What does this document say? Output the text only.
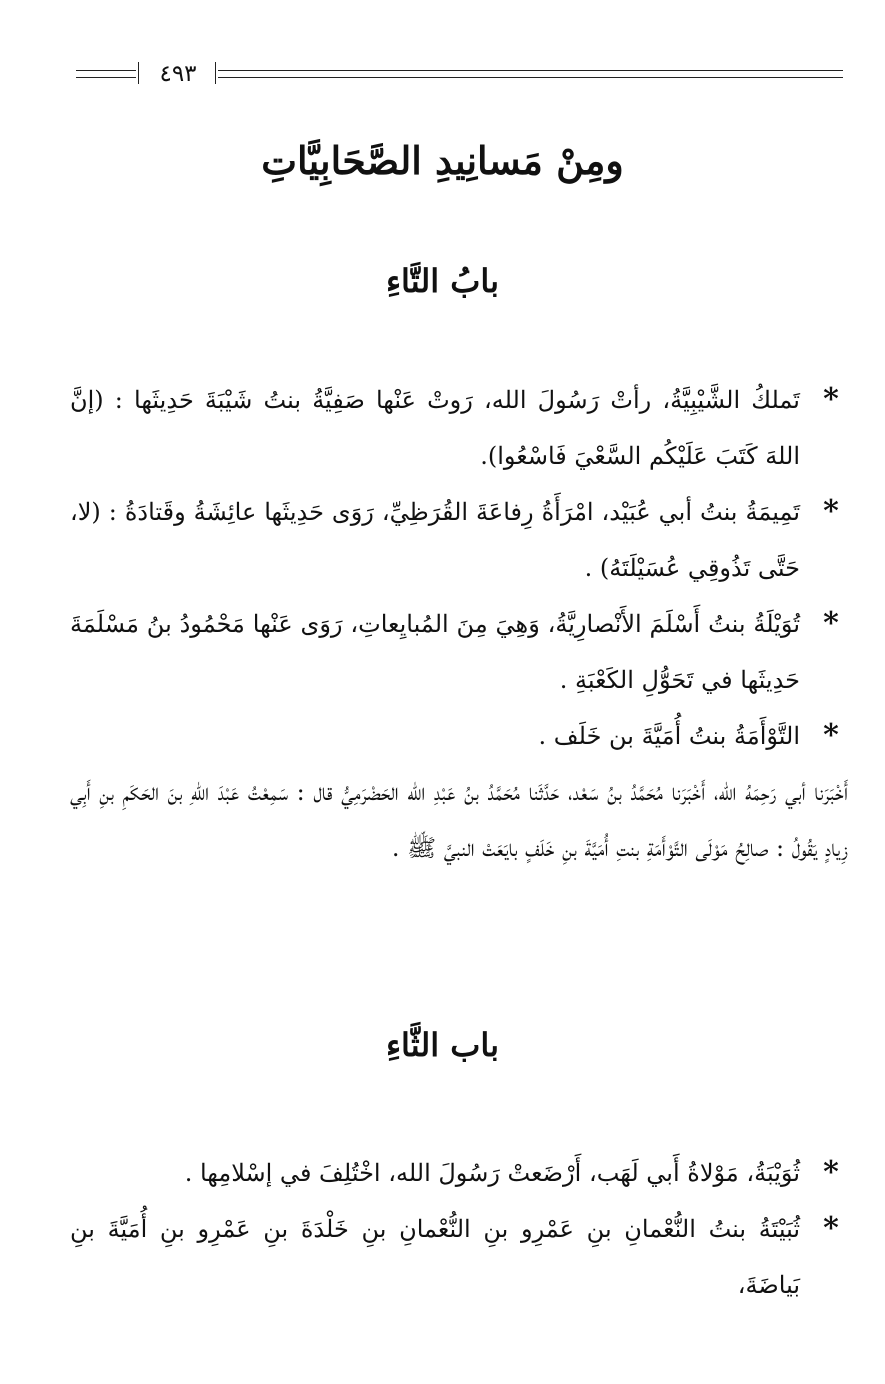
٤٩٣
ومِنْ مَسانِيدِ الصَّحَابِيَّاتِ
بابُ التَّاءِ
*
تَملكُ الشَّيْبِيَّةُ، رأتْ رَسُولَ الله، رَوتْ عَنْها صَفِيَّةُ بنتُ شَيْبَةَ حَدِيثَها : (إنَّ اللهَ كَتَبَ عَلَيْكُم السَّعْيَ فَاسْعُوا).
*
تَمِيمَةُ بنتُ أبي عُبَيْد، امْرَأَةُ رِفاعَةَ القُرَظِيِّ، رَوَى حَدِيثَها عائِشَةُ وقَتادَةُ : (لا، حَتَّى تَذُوقِي عُسَيْلَتَهُ) .
*
تُوَيْلَةُ بنتُ أَسْلَمَ الأَنْصارِيَّةُ، وَهِيَ مِنَ المُبايِعاتِ، رَوَى عَنْها مَحْمُودُ بنُ مَسْلَمَةَ حَدِيثَها في تَحَوُّلِ الكَعْبَةِ .
*
التَّوْأَمَةُ بنتُ أُمَيَّةَ بن خَلَف .

أَخْبَرَنا أبي رَحِمَهُ الله، أَخْبَرَنا مُحَمَّدُ بنُ سَعْد، حَدَّثَنا مُحَمَّدُ بنُ عَبْدِ الله الحَضْرَمِيُّ قال : سَمِعْتُ عَبْدَ اللهِ بنَ الحَكَمِ بنِ أَبِي زِيادٍ يَقُولُ : صالِحُ مَوْلَى التَّوْأَمَةِ بنتِ أُمَيَّةَ بنِ خَلَفٍ بايَعَتْ النبيَّ ﷺ .

باب الثَّاءِ
*
ثُوَيْبَةُ، مَوْلاةُ أَبي لَهَب، أَرْضَعتْ رَسُولَ الله، اخْتُلِفَ في إسْلامِها .
*
ثُبَيْتَةُ بنتُ النُّعْمانِ بنِ عَمْرِو بنِ النُّعْمانِ بنِ خَلْدَةَ بنِ عَمْرِو بنِ أُمَيَّةَ بنِ بَياضَةَ،
